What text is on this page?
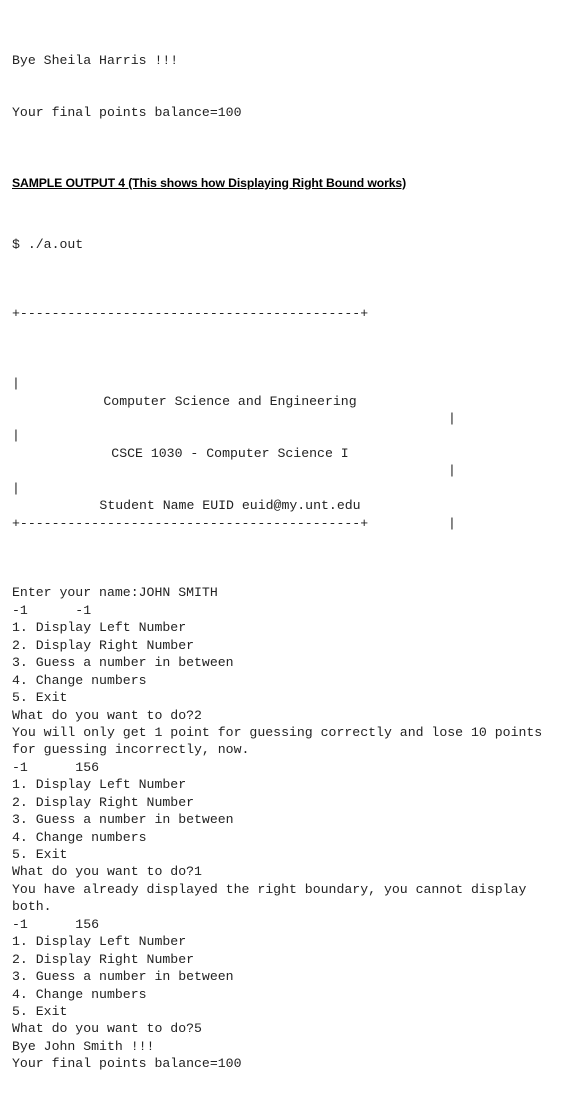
Bye Sheila Harris !!!

Your final points balance=100

SAMPLE OUTPUT 4 (This shows how Displaying Right Bound works)

$ ./a.out

+-------------------------------------------+

|

Computer Science and Engineering

|

|

CSCE 1030 - Computer Science I

|

|

Student Name EUID euid@my.unt.edu

|

+-------------------------------------------+

Enter your name:JOHN SMITH
-1      -1
1. Display Left Number
2. Display Right Number
3. Guess a number in between
4. Change numbers
5. Exit
What do you want to do?2
You will only get 1 point for guessing correctly and lose 10 points
for guessing incorrectly, now.
-1      156
1. Display Left Number
2. Display Right Number
3. Guess a number in between
4. Change numbers
5. Exit
What do you want to do?1
You have already displayed the right boundary, you cannot display
both.
-1      156
1. Display Left Number
2. Display Right Number
3. Guess a number in between
4. Change numbers
5. Exit
What do you want to do?5
Bye John Smith !!!
Your final points balance=100
